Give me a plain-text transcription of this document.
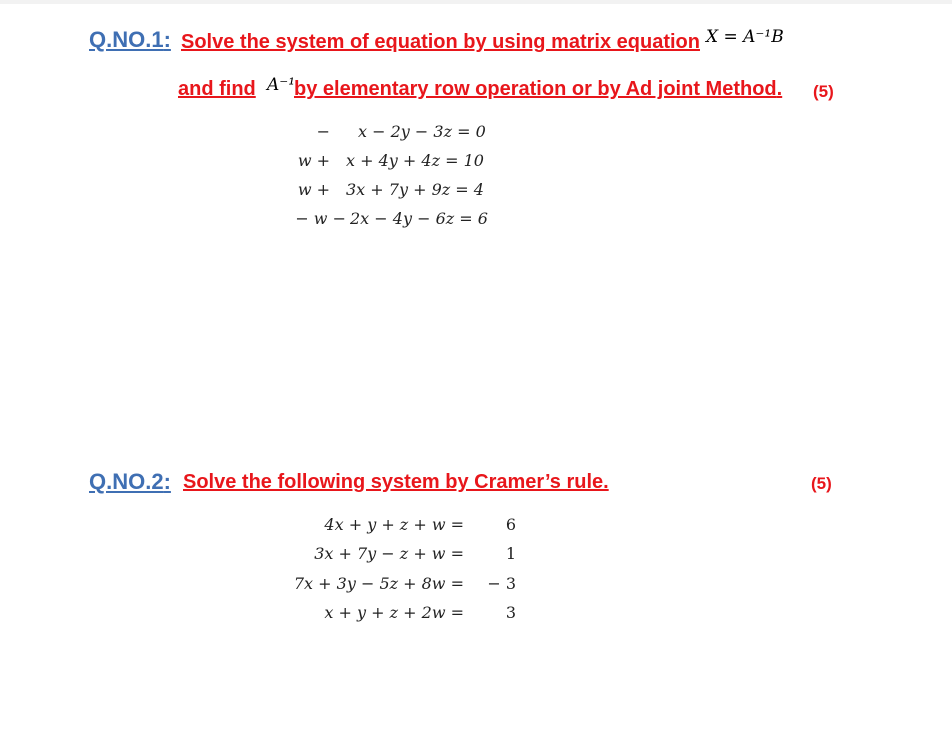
Q.NO.1: Solve the system of equation by using matrix equation X = A⁻¹B
and find A⁻¹
by elementary row operation or by Ad joint Method. (5)
− x − 2y − 3z = 0
w + x + 4y + 4z = 10
w + 3x + 7y + 9z = 4
− w − 2x − 4y − 6z = 6
Q.NO.2: Solve the following system by Cramer’s rule.	(5)
4x + y + z + w =	6
3x + 7y − z + w =	1
7x + 3y − 5z + 8w =	− 3
x + y + z + 2w =	3
